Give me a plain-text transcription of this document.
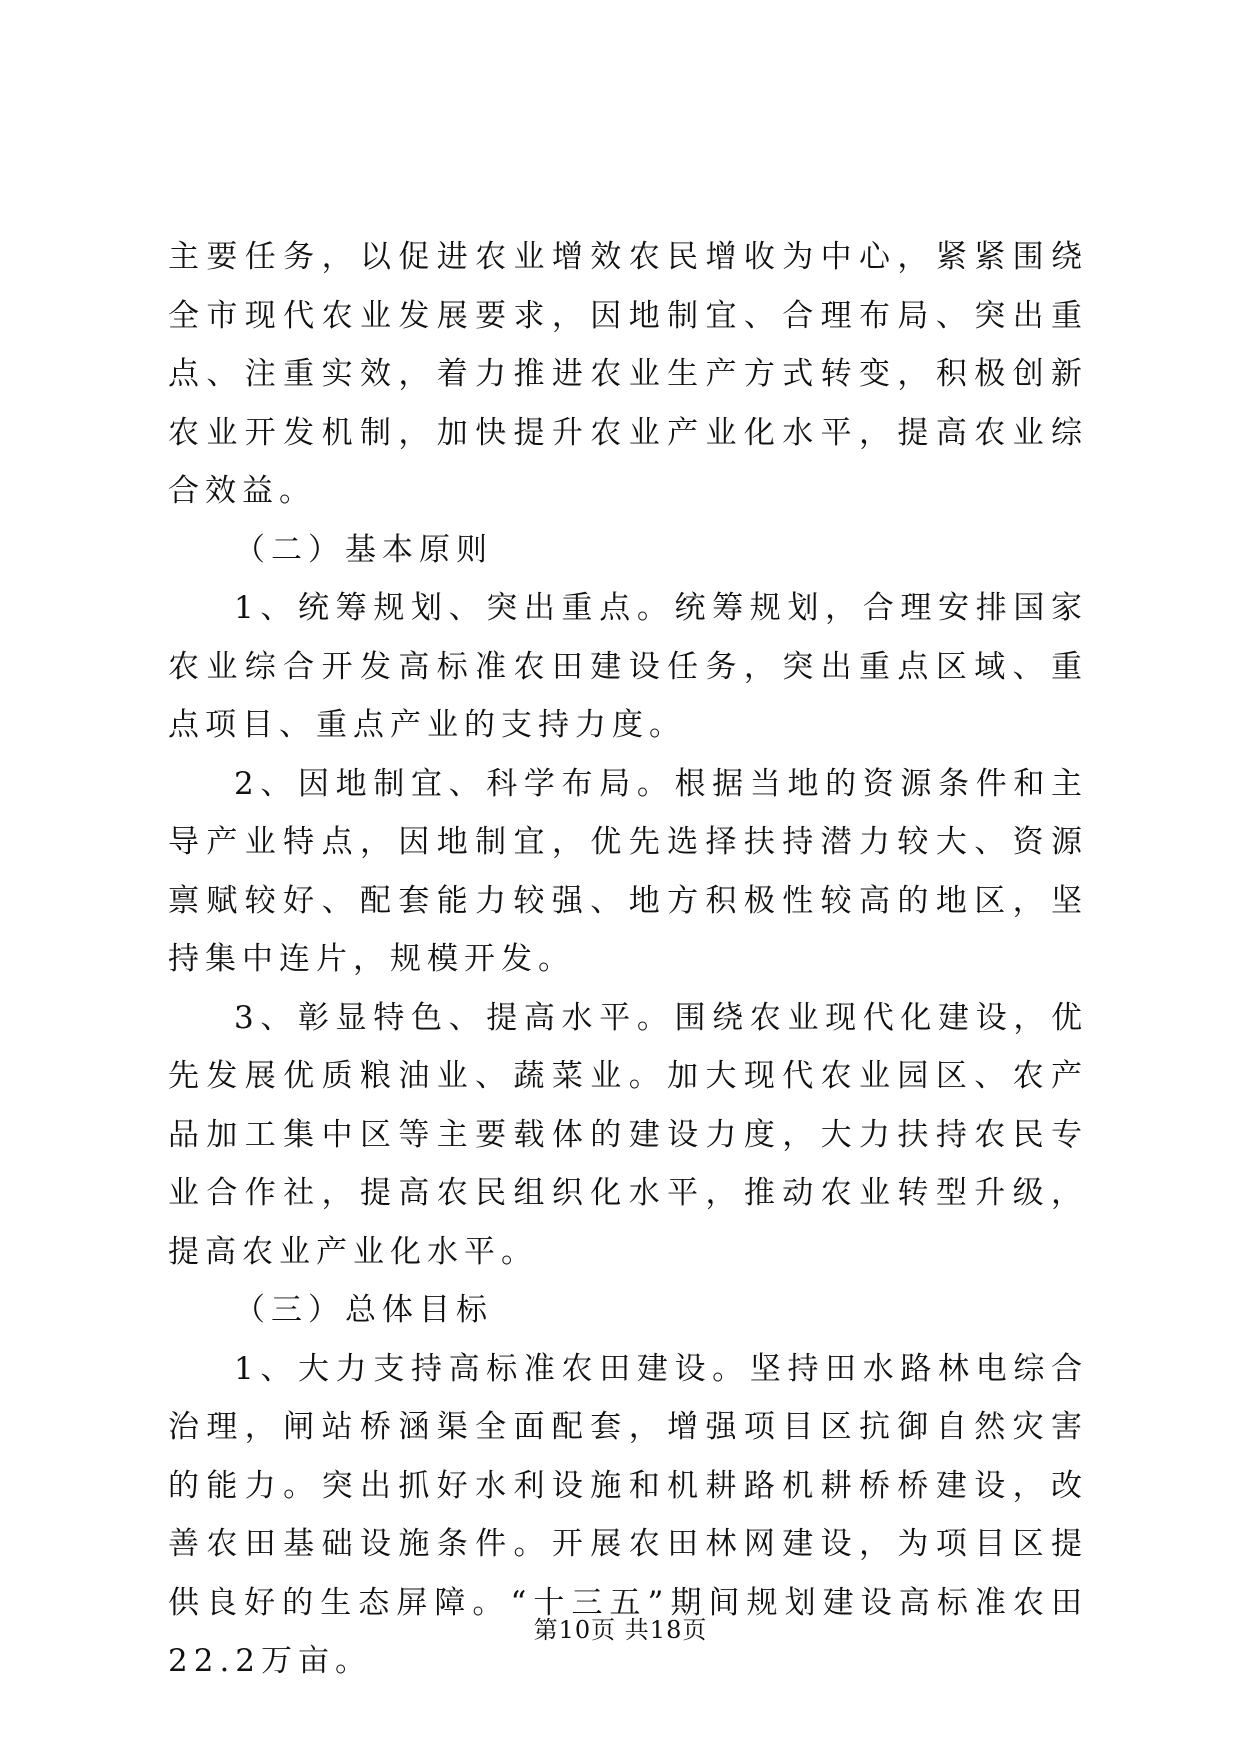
主要任务，以促进农业增效农民增收为中心，紧紧围绕全市现代农业发展要求，因地制宜、合理布局、突出重点、注重实效，着力推进农业生产方式转变，积极创新农业开发机制，加快提升农业产业化水平，提高农业综合效益。

（二）基本原则

1、统筹规划、突出重点。统筹规划，合理安排国家农业综合开发高标准农田建设任务，突出重点区域、重点项目、重点产业的支持力度。

2、因地制宜、科学布局。根据当地的资源条件和主导产业特点，因地制宜，优先选择扶持潜力较大、资源禀赋较好、配套能力较强、地方积极性较高的地区，坚持集中连片，规模开发。

3、彰显特色、提高水平。围绕农业现代化建设，优先发展优质粮油业、蔬菜业。加大现代农业园区、农产品加工集中区等主要载体的建设力度，大力扶持农民专业合作社，提高农民组织化水平，推动农业转型升级，提高农业产业化水平。

（三）总体目标

1、大力支持高标准农田建设。坚持田水路林电综合治理，闸站桥涵渠全面配套，增强项目区抗御自然灾害的能力。突出抓好水利设施和机耕路机耕桥桥建设，改善农田基础设施条件。开展农田林网建设，为项目区提供良好的生态屏障。“十三五”期间规划建设高标准农田22.2万亩。

第10页 共18页
